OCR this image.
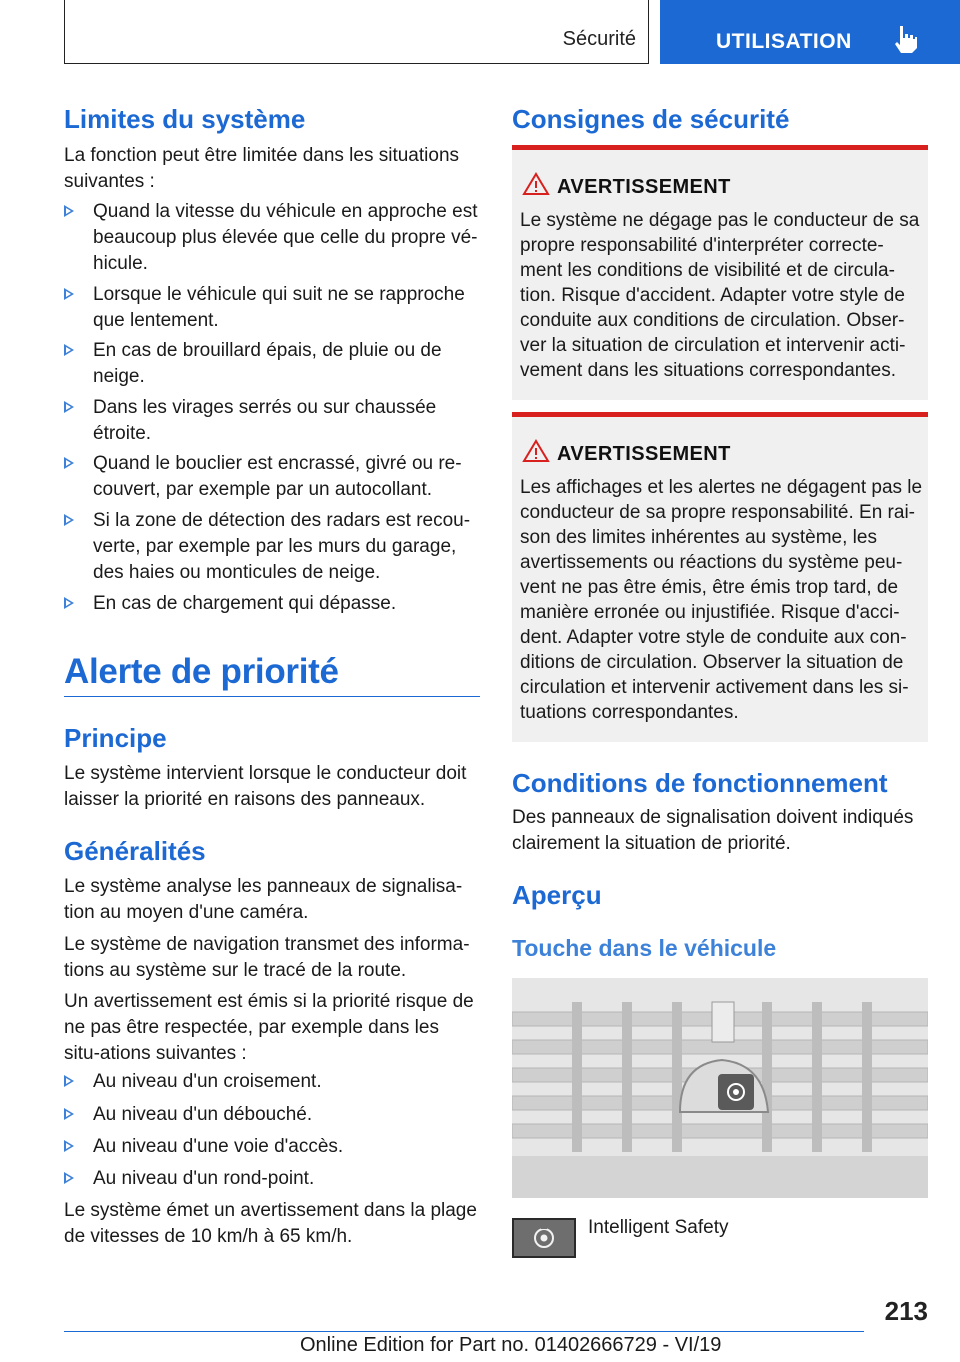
Sécurité	UTILISATION
Limites du système
La fonction peut être limitée dans les situations suivantes :
Quand la vitesse du véhicule en approche est beaucoup plus élevée que celle du propre vé-hicule.
Lorsque le véhicule qui suit ne se rapproche que lentement.
En cas de brouillard épais, de pluie ou de neige.
Dans les virages serrés ou sur chaussée étroite.
Quand le bouclier est encrassé, givré ou re-couvert, par exemple par un autocollant.
Si la zone de détection des radars est recou-verte, par exemple par les murs du garage, des haies ou monticules de neige.
En cas de chargement qui dépasse.
Alerte de priorité
Principe
Le système intervient lorsque le conducteur doit laisser la priorité en raisons des panneaux.
Généralités
Le système analyse les panneaux de signalisa-tion au moyen d'une caméra.
Le système de navigation transmet des informa-tions au système sur le tracé de la route.
Un avertissement est émis si la priorité risque de ne pas être respectée, par exemple dans les situ-ations suivantes :
Au niveau d'un croisement.
Au niveau d'un débouché.
Au niveau d'une voie d'accès.
Au niveau d'un rond-point.
Le système émet un avertissement dans la plage de vitesses de 10 km/h à 65 km/h.
Consignes de sécurité
AVERTISSEMENT
Le système ne dégage pas le conducteur de sa propre responsabilité d'interpréter correcte-ment les conditions de visibilité et de circula-tion. Risque d'accident. Adapter votre style de conduite aux conditions de circulation. Obser-ver la situation de circulation et intervenir acti-vement dans les situations correspondantes.
AVERTISSEMENT
Les affichages et les alertes ne dégagent pas le conducteur de sa propre responsabilité. En rai-son des limites inhérentes au système, les avertissements ou réactions du système peu-vent ne pas être émis, être émis trop tard, de manière erronée ou injustifiée. Risque d'acci-dent. Adapter votre style de conduite aux con-ditions de circulation. Observer la situation de circulation et intervenir activement dans les si-tuations correspondantes.
Conditions de fonctionnement
Des panneaux de signalisation doivent indiqués clairement la situation de priorité.
Aperçu
Touche dans le véhicule
Intelligent Safety
213
Online Edition for Part no. 01402666729 - VI/19
